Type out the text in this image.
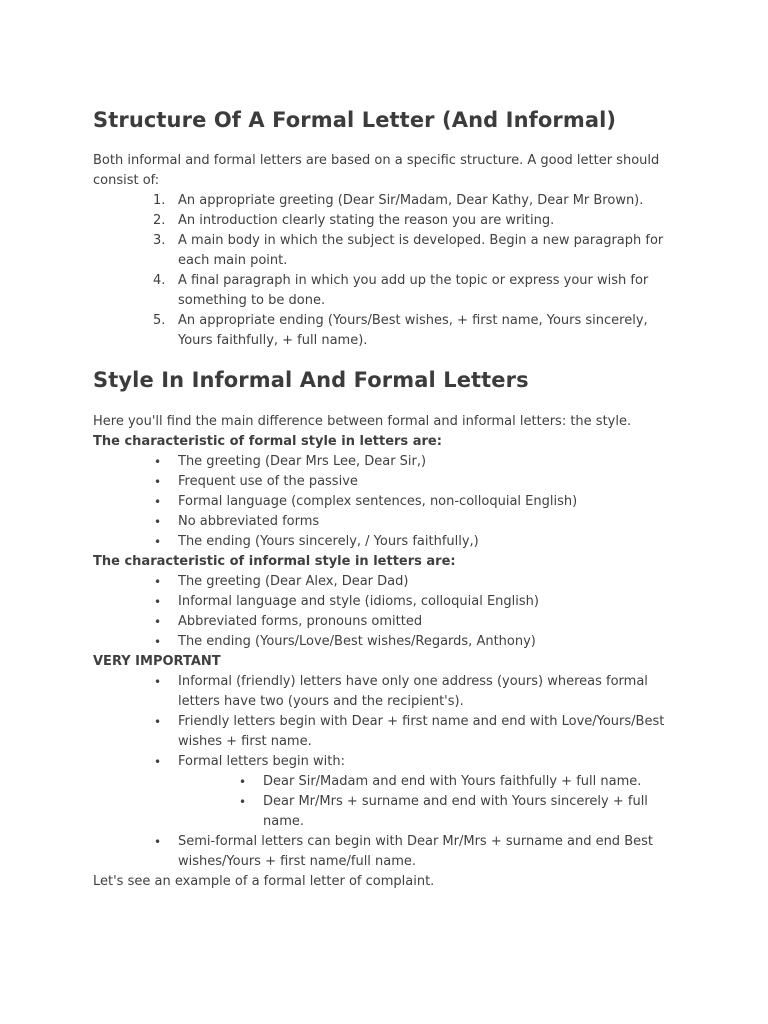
Structure Of A Formal Letter (And Informal)

Both informal and formal letters are based on a specific structure. A good letter should consist of:

1. An appropriate greeting (Dear Sir/Madam, Dear Kathy, Dear Mr Brown).
2. An introduction clearly stating the reason you are writing.
3. A main body in which the subject is developed. Begin a new paragraph for each main point.
4. A final paragraph in which you add up the topic or express your wish for something to be done.
5. An appropriate ending (Yours/Best wishes, + first name, Yours sincerely, Yours faithfully, + full name).
Style In Informal And Formal Letters

Here you'll find the main difference between formal and informal letters: the style.

The characteristic of formal style in letters are:

• The greeting (Dear Mrs Lee, Dear Sir,)
• Frequent use of the passive
• Formal language (complex sentences, non-colloquial English)
• No abbreviated forms
• The ending (Yours sincerely, / Yours faithfully,)

The characteristic of informal style in letters are:

• The greeting (Dear Alex, Dear Dad)
• Informal language and style (idioms, colloquial English)
• Abbreviated forms, pronouns omitted
• The ending (Yours/Love/Best wishes/Regards, Anthony)

VERY IMPORTANT

• Informal (friendly) letters have only one address (yours) whereas formal letters have two (yours and the recipient's).
• Friendly letters begin with Dear + first name and end with Love/Yours/Best wishes + first name.
• Formal letters begin with:
• Dear Sir/Madam and end with Yours faithfully + full name.
• Dear Mr/Mrs + surname and end with Yours sincerely + full name.
• Semi-formal letters can begin with Dear Mr/Mrs + surname and end Best wishes/Yours + first name/full name.

Let's see an example of a formal letter of complaint.
